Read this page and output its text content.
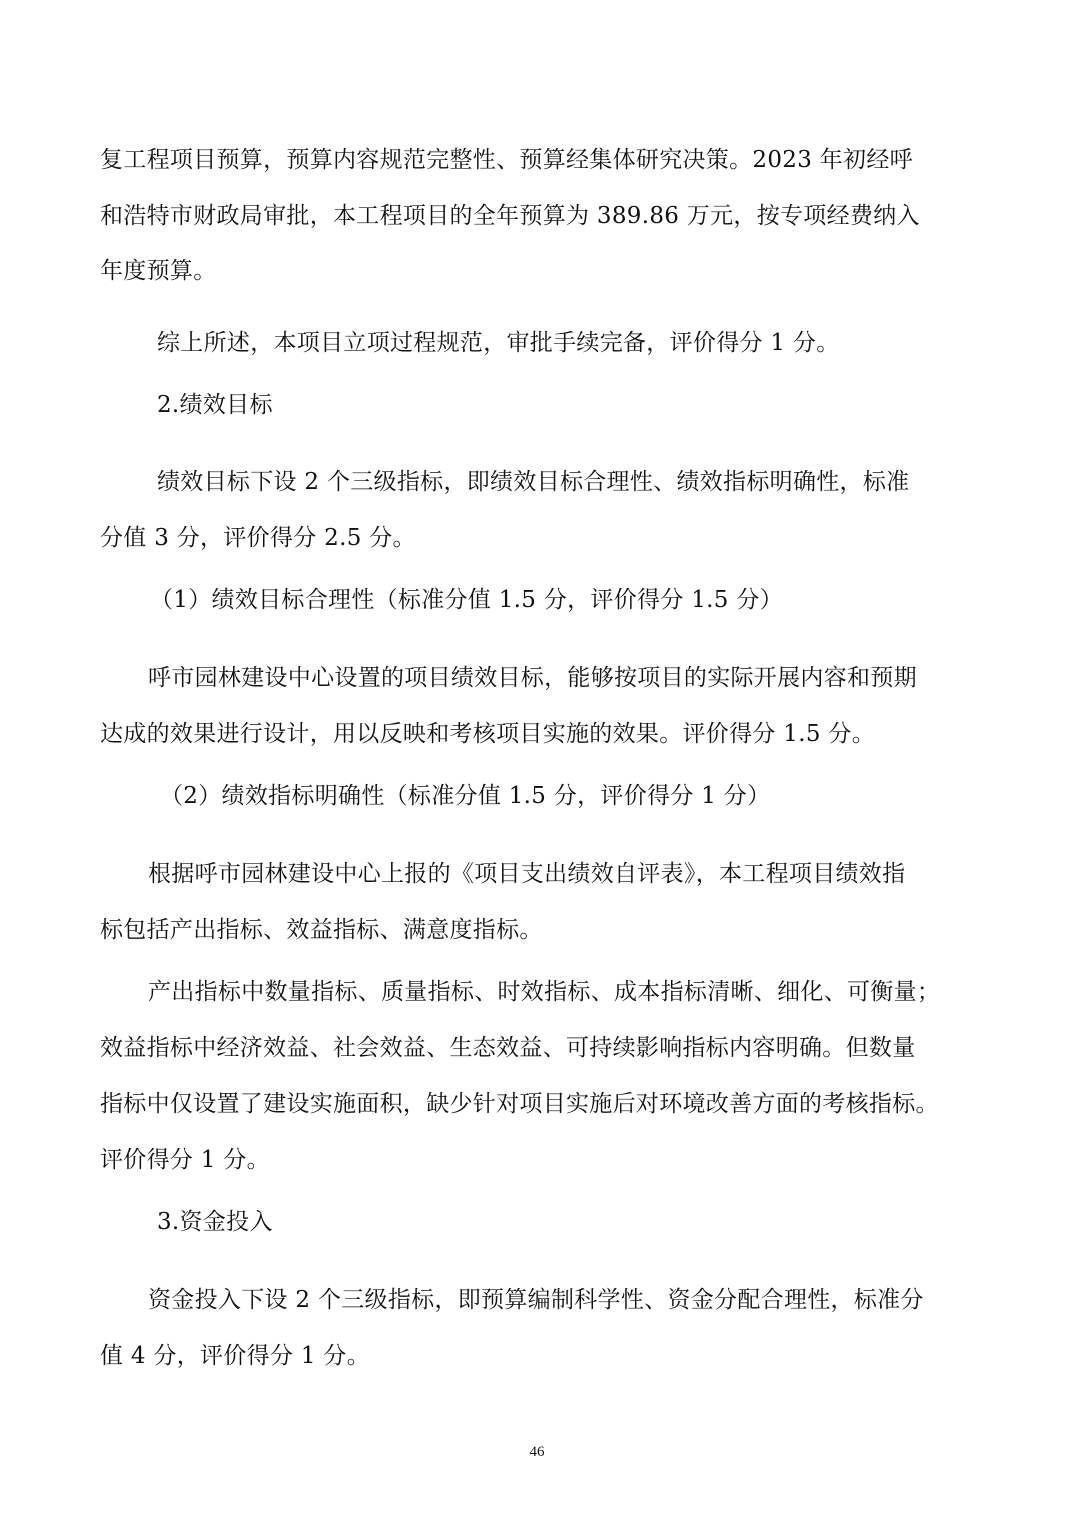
复工程项目预算，预算内容规范完整性、预算经集体研究决策。2023 年初经呼
和浩特市财政局审批，本工程项目的全年预算为 389.86 万元，按专项经费纳入
年度预算。
综上所述，本项目立项过程规范，审批手续完备，评价得分 1 分。
2.绩效目标
绩效目标下设 2 个三级指标，即绩效目标合理性、绩效指标明确性，标准
分值 3 分，评价得分 2.5 分。
（1）绩效目标合理性（标准分值 1.5 分，评价得分 1.5 分）
呼市园林建设中心设置的项目绩效目标，能够按项目的实际开展内容和预期
达成的效果进行设计，用以反映和考核项目实施的效果。评价得分 1.5 分。
（2）绩效指标明确性（标准分值 1.5 分，评价得分 1 分）
根据呼市园林建设中心上报的《项目支出绩效自评表》，本工程项目绩效指
标包括产出指标、效益指标、满意度指标。
产出指标中数量指标、质量指标、时效指标、成本指标清晰、细化、可衡量；
效益指标中经济效益、社会效益、生态效益、可持续影响指标内容明确。但数量
指标中仅设置了建设实施面积，缺少针对项目实施后对环境改善方面的考核指标。
评价得分 1 分。
3.资金投入
资金投入下设 2 个三级指标，即预算编制科学性、资金分配合理性，标准分
值 4 分，评价得分 1 分。
46
